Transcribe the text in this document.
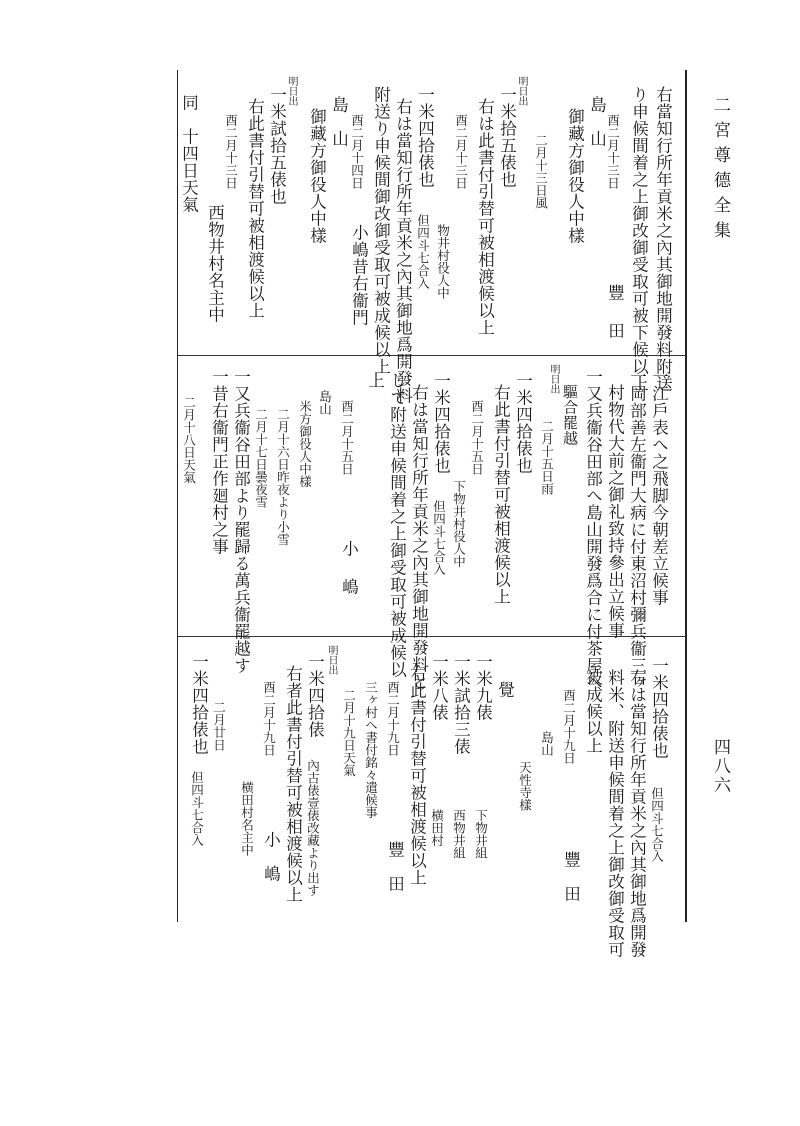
二宮尊德全集
四八六
右當知行所年貢米之內其御地開發料附送
り申候間着之上御改御受取可被下候以上
酉二月十三日
豐
田
島　山
御藏方御役人中樣
二月十三日風
明日出
一米拾五俵也
右は此書付引替可被相渡候以上
酉二月十三日
物井村役人中
一米四拾俵也
但四斗七合入
右は當知行所年貢米之內其御地爲開發料
附送り申候間御改御受取可被成候以上
酉二月十四日
小嶋昔右衞門
島　山
御藏方御役人中樣
明日出
一米試拾五俵也
右此書付引替可被相渡候以上
酉二月十三日
西物井村名主中
同　十四日天氣
一江戶表へ之飛脚今朝差立候事
一岡部善左衞門大病に付東沼村彌兵衞三ヶ
村物代大前之御礼致持參出立候事
一又兵衞谷田部へ島山開發爲合に付茶屋へ
驅合罷越
明日出
二月十五日雨
一米四拾俵也
右此書付引替可被相渡候以上
酉二月十五日
下物井村役人中
一米四拾俵也
但四斗七合入
右は當知行所年貢米之內其御地開發料と
して附送申候間着之上御受取可被成候以
上
酉二月十五日
小
嶋
島山
米方御役人中樣
二月十六日昨夜より小雪
二月十七日曇夜雪
一又兵衞谷田部より罷歸る萬兵衞罷越す
一昔右衞門正作廻村之事
二月十八日天氣
一米四拾俵也
但四斗七合入
右は當知行所年貢米之內其御地爲開發
料米、附送申候間着之上御改御受取可
被成候以上
酉二月十九日
豐
田
島山
天性寺樣
覺
一米九俵
下物井組
一米試拾三俵
西物井組
一米八俵
横田村
右此書付引替可被相渡候以上
酉二月十九日
豐
田
三ヶ村へ書付銘々遣候事
二月十九日天氣
明日出
一米四拾俵
內古俵壹俵改藏より出す
右者此書付引替可被相渡候以上
酉二月十九日
小
嶋
横田村名主中
二月廿日
一米四拾俵也
但四斗七合入
